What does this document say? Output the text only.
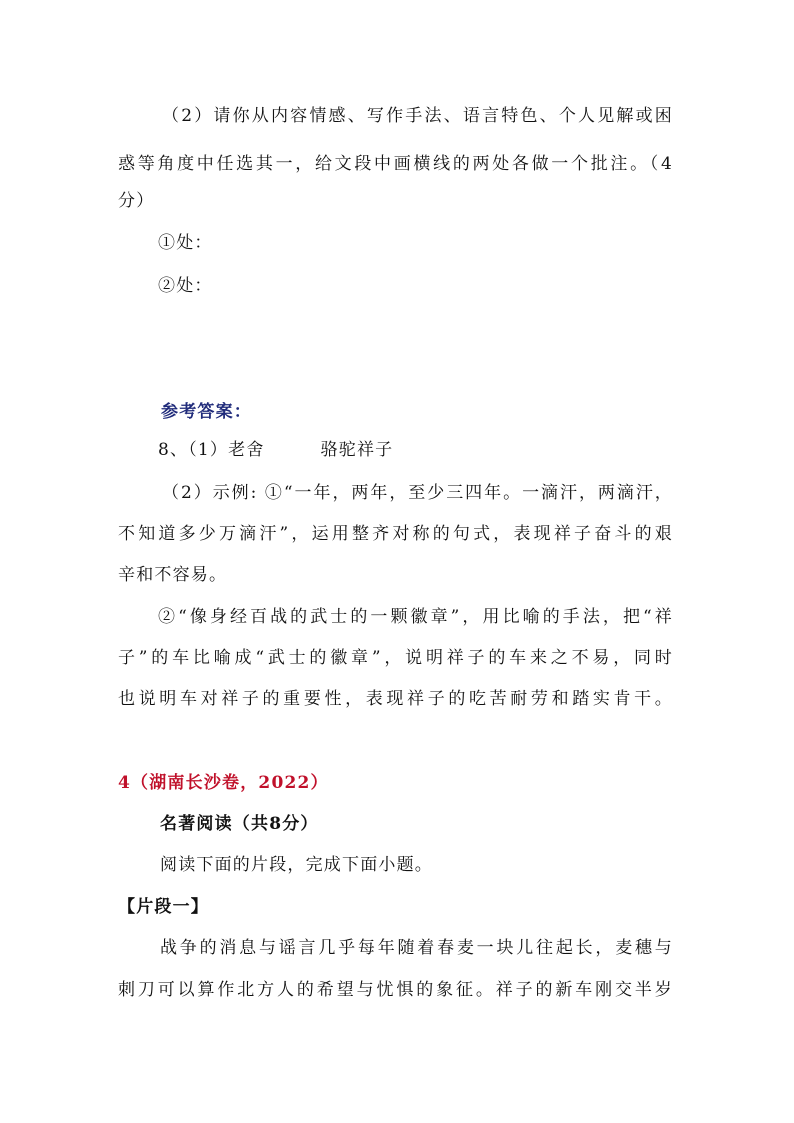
（2）请你从内容情感、写作手法、语言特色、个人见解或困
惑等角度中任选其一，给文段中画横线的两处各做一个批注。（4
分）
①处：
②处：
参考答案：
8、（1）老舍	骆驼祥子
（2）示例: ①“一年，两年，至少三四年。一滴汗，两滴汗，
不知道多少万滴汗”，运用整齐对称的句式，表现祥子奋斗的艰
辛和不容易。
②“像身经百战的武士的一颗徽章”，用比喻的手法，把“祥
子”的车比喻成“武士的徽章”，说明祥子的车来之不易，同时
也说明车对祥子的重要性，表现祥子的吃苦耐劳和踏实肯干。
4（湖南长沙卷，2022）
名著阅读（共8分）
阅读下面的片段，完成下面小题。
【片段一】
战争的消息与谣言几乎每年随着春麦一块儿往起长，麦穗与
刺刀可以算作北方人的希望与忧惧的象征。祥子的新车刚交半岁
